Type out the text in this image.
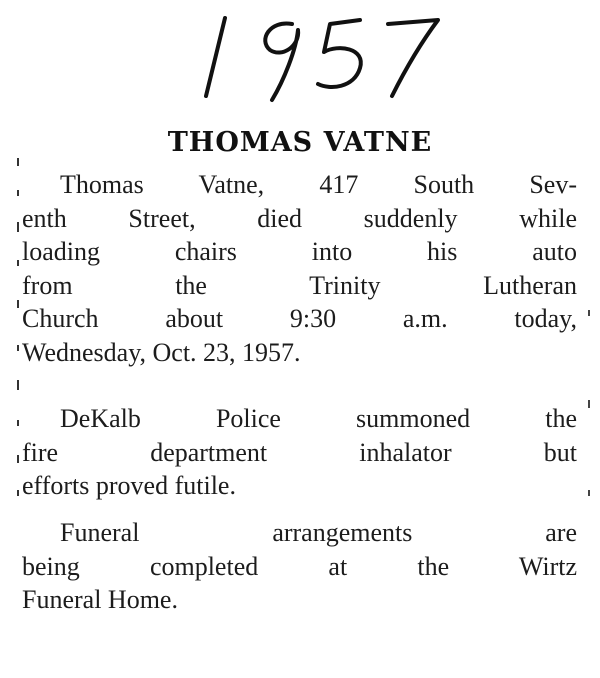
THOMAS VATNE
Thomas Vatne, 417 South Sev-
enth Street, died suddenly while
loading chairs into his auto
from the Trinity Lutheran
Church about 9:30 a.m. today,
Wednesday, Oct. 23, 1957.
DeKalb Police summoned the
fire department inhalator but
efforts proved futile.
Funeral arrangements are
being completed at the Wirtz
Funeral Home.
